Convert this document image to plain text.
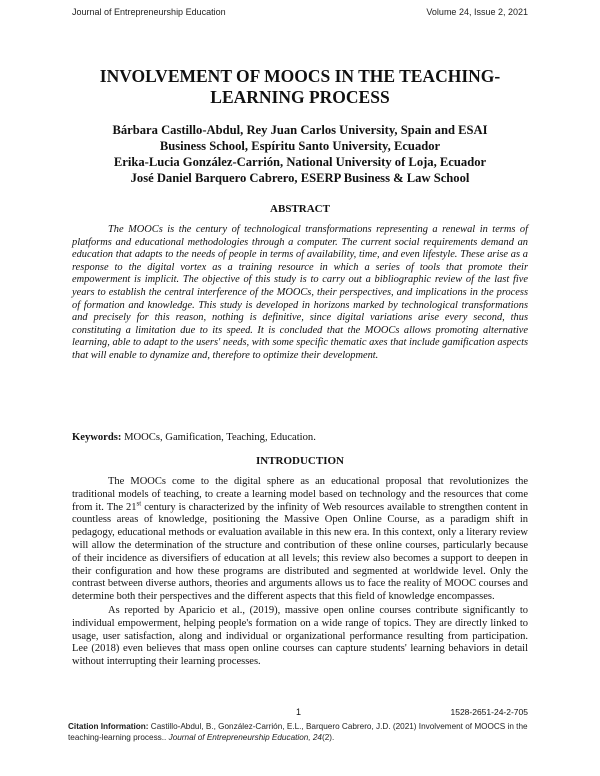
Journal of Entrepreneurship Education	Volume 24, Issue 2, 2021
INVOLVEMENT OF MOOCS IN THE TEACHING-LEARNING PROCESS
Bárbara Castillo-Abdul, Rey Juan Carlos University, Spain and ESAI
Business School, Espíritu Santo University, Ecuador
Erika-Lucia González-Carrión, National University of Loja, Ecuador
José Daniel Barquero Cabrero, ESERP Business & Law School
ABSTRACT

The MOOCs is the century of technological transformations representing a renewal in terms of platforms and educational methodologies through a computer. The current social requirements demand an education that adapts to the needs of people in terms of availability, time, and even lifestyle. These arise as a response to the digital vortex as a training resource in which a series of tools that promote their empowerment is implicit. The objective of this study is to carry out a bibliographic review of the last five years to establish the central interference of the MOOCs, their perspectives, and implications in the process of formation and knowledge. This study is developed in horizons marked by technological transformations and precisely for this reason, nothing is definitive, since digital variations arise every second, thus constituting a limitation due to its speed. It is concluded that the MOOCs allows promoting alternative learning, able to adapt to the users' needs, with some specific thematic axes that include gamification aspects that will enable to dynamize and, therefore to optimize their development.

Keywords: MOOCs, Gamification, Teaching, Education.

INTRODUCTION

The MOOCs come to the digital sphere as an educational proposal that revolutionizes the traditional models of teaching, to create a learning model based on technology and the resources that come from it. The 21st century is characterized by the infinity of Web resources available to strengthen content in countless areas of knowledge, positioning the Massive Open Online Course, as a paradigm shift in pedagogy, educational methods or evaluation available in this new era. In this context, only a literary review will allow the determination of the structure and contribution of these online courses, particularly because of their incidence as diversifiers of education at all levels; this review also becomes a support to deepen in their configuration and how these programs are distributed and segmented at worldwide level. Only the contrast between diverse authors, theories and arguments allows us to face the reality of MOOC courses and determine both their perspectives and the different aspects that this field of knowledge encompasses.

As reported by Aparicio et al., (2019), massive open online courses contribute significantly to individual empowerment, helping people's formation on a wide range of topics. They are directly linked to usage, user satisfaction, along and individual or organizational performance resulting from participation. Lee (2018) even believes that mass open online courses can capture students' learning behaviors in detail without interrupting their learning processes.

1	1528-2651-24-2-705
Citation Information: Castillo-Abdul, B., González-Carrión, E.L., Barquero Cabrero, J.D. (2021) Involvement of MOOCS in the teaching-learning process.. Journal of Entrepreneurship Education, 24(2).
